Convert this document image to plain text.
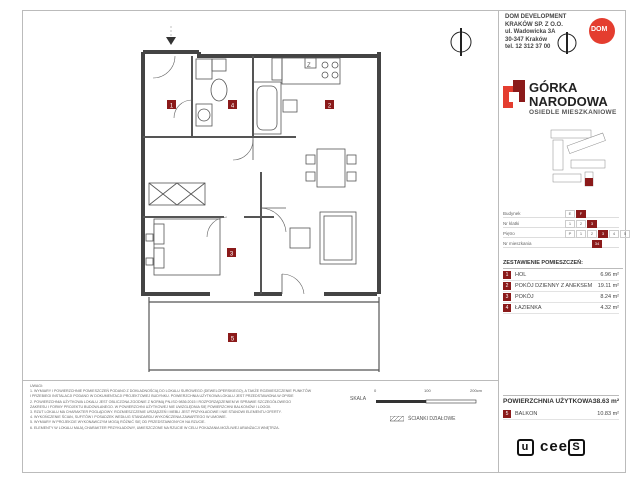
Z
1	2
3
4
5
DOM DEVELOPMENT
KRAKÓW SP. Z O.O.
ul. Wadowicka 3A
30-347 Kraków
tel. 12 312 37 00
DOM
GÓRKA
NARODOWA
OSIEDLE MIESZKANIOWE
Budynek	E	F
Nr klatki	1	2	3
Piętro	P	1	2	3	4	5
Nr mieszkania	34
ZESTAWIENIE POMIESZCZEŃ:
1	HOL	6.96 m²
2	POKÓJ DZIENNY Z ANEKSEM 19.11 m²
3	POKÓJ	8.24 m²
4	ŁAZIENKA	4.32 m²
POWIERZCHNIA UŻYTKOWA:
38.63 m²
5	BALKON	10.83 m²
UWAGI:
1. WYMIARY I POWIERZCHNIE POMIESZCZEŃ PODANO Z DOKŁADNOŚCIĄ DO LOKALU SUROWEGO (DEWELOPERSKIEGO), A TAKŻE ROZMIESZCZENIE PUNKTÓW
I PRZEBIEGI INSTALACJI PODANO W DOKUMENTACJI PROJEKTOWEJ BUDYNKU. POWIERZCHNIA UŻYTKOWA LOKALU JEST PRZEDSTAWIONA W OPISIE
2. POWIERZCHNIA UŻYTKOWA LOKALU JEST OBLICZONA ZGODNIE Z NORMĄ PN-ISO 9836:2015 I ROZPORZĄDZENIEM W SPRAWIE SZCZEGÓŁOWEGO
ZAKRESU I FORMY PROJEKTU BUDOWLANEGO. W POWIERZCHNI UŻYTKOWEJ NIE UWZGLĘDNIA SIĘ POWIERZCHNI BALKONÓW I LOGGII.
3. RZUT LOKALU MA CHARAKTER POGLĄDOWY. ROZMIESZCZENIE URZĄDZEŃ I MEBLI JEST PRZYKŁADOWE I NIE STANOWI ELEMENTU OFERTY.
4. WYKOŃCZENIE ŚCIAN, SUFITÓW I POSADZEK WEDŁUG STANDARDU WYKOŃCZENIA ZAWARTEGO W UMOWIE.
5. WYMIARY W PROJEKCIE WYKONAWCZYM MOGĄ RÓŻNIĆ SIĘ OD PRZEDSTAWIONYCH NA RZUCIE.
6. ELEMENTY W LOKALU MAJĄ CHARAKTER PRZYKŁADOWY, UMIESZCZONE NA RZUCIE W CELU POKAZANIA MOŻLIWEJ ARANŻACJI WNĘTRZA.
SKALA
0	100	200cm
ŚCIANKI DZIAŁOWE
u cee S
